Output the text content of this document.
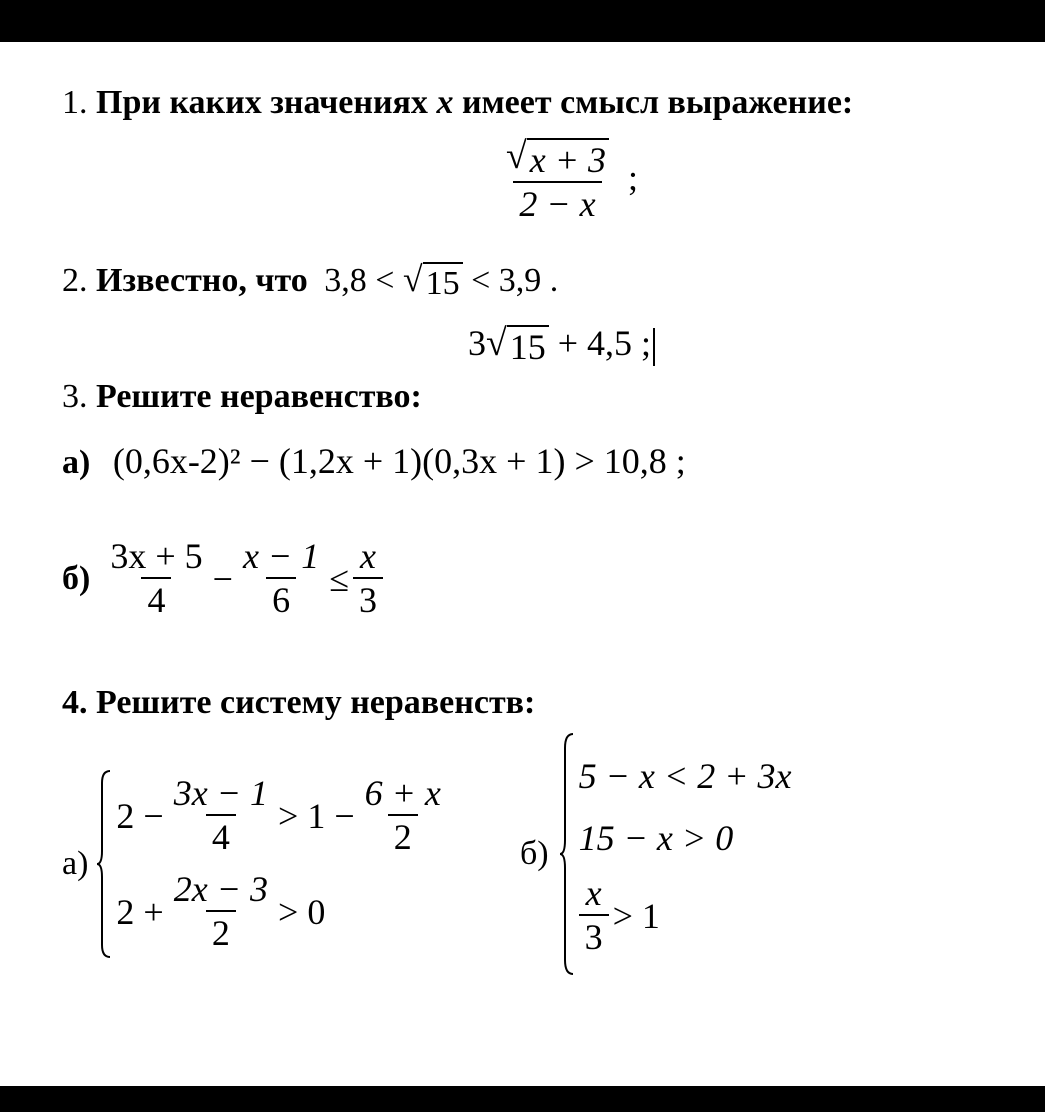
1. При каких значениях x имеет смысл выражение:
$\frac{√ x + 3}{2 - x}$ ;
2. Известно, что 3,8 < √ 15 < 3,9 .
3 √ 15 + 4,5 ;
3. Решите неравенство:
а) (0,6x-2)² − (1,2x + 1)(0,3x + 1) > 10,8 ;
$б) \frac{3x + 5}{4} - \frac{x - 1}{6} \le \frac{x}{3}$
4. Решите систему неравенств:
а)
$2 - \frac{3x - 1}{4} > 1 - \frac{6 + x}{2}$
$2 + \frac{2x - 3}{2} > 0$
б)
5 − x < 2 + 3x
15 − x > 0
$\frac{x}{3} > 1$
